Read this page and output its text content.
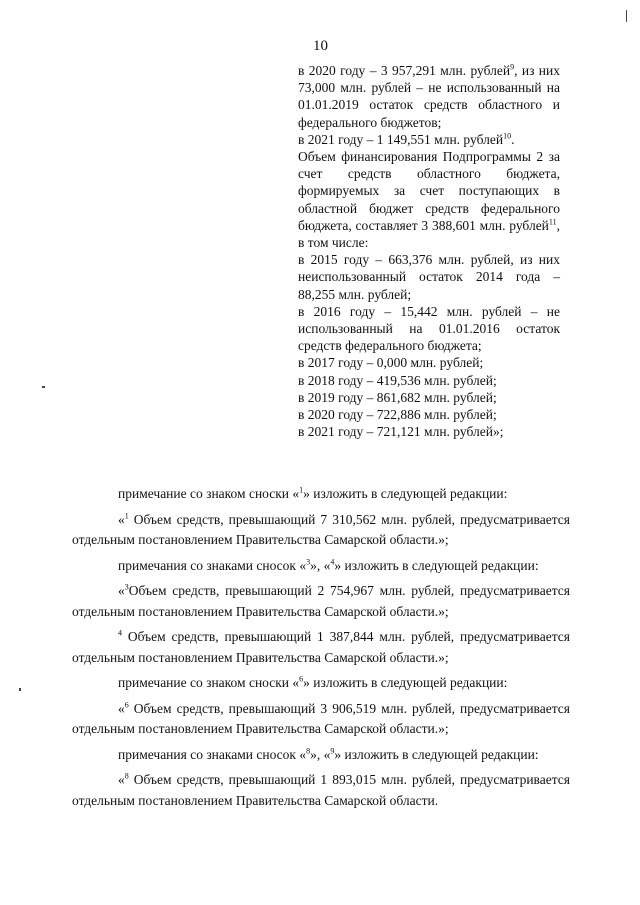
10

в 2020 году – 3 957,291 млн. рублей$^9$, из них 73,000 млн. рублей – не использованный на 01.01.2019 остаток средств областного и федерального бюджетов;

в 2021 году – 1 149,551 млн. рублей$^{10}$.

Объем финансирования Подпрограммы 2 за счет средств областного бюджета, формируемых за счет поступающих в областной бюджет средств федерального бюджета, составляет 3 388,601 млн. рублей$^{11}$, в том числе:

в 2015 году – 663,376 млн. рублей, из них неиспользованный остаток 2014 года – 88,255 млн. рублей;

в 2016 году – 15,442 млн. рублей – не использованный на 01.01.2016 остаток средств федерального бюджета;

в 2017 году – 0,000 млн. рублей;

в 2018 году – 419,536 млн. рублей;

в 2019 году – 861,682 млн. рублей;

в 2020 году – 722,886 млн. рублей;

в 2021 году – 721,121 млн. рублей»;

примечание со знаком сноски «$^1$» изложить в следующей редакции:

«$^1$ Объем средств, превышающий 7 310,562 млн. рублей, предусматривается отдельным постановлением Правительства Самарской области.»;

примечания со знаками сносок «$^3$», «$^4$» изложить в следующей редакции:

«$^3$Объем средств, превышающий 2 754,967 млн. рублей, предусматривается отдельным постановлением Правительства Самарской области.»;

$^4$ Объем средств, превышающий 1 387,844 млн. рублей, предусматривается отдельным постановлением Правительства Самарской области.»;

примечание со знаком сноски «$^6$» изложить в следующей редакции:

«$^6$ Объем средств, превышающий 3 906,519 млн. рублей, предусматривается отдельным постановлением Правительства Самарской области.»;

примечания со знаками сносок «$^8$», «$^9$» изложить в следующей редакции:

«$^8$ Объем средств, превышающий 1 893,015 млн. рублей, предусматривается отдельным постановлением Правительства Самарской области.
